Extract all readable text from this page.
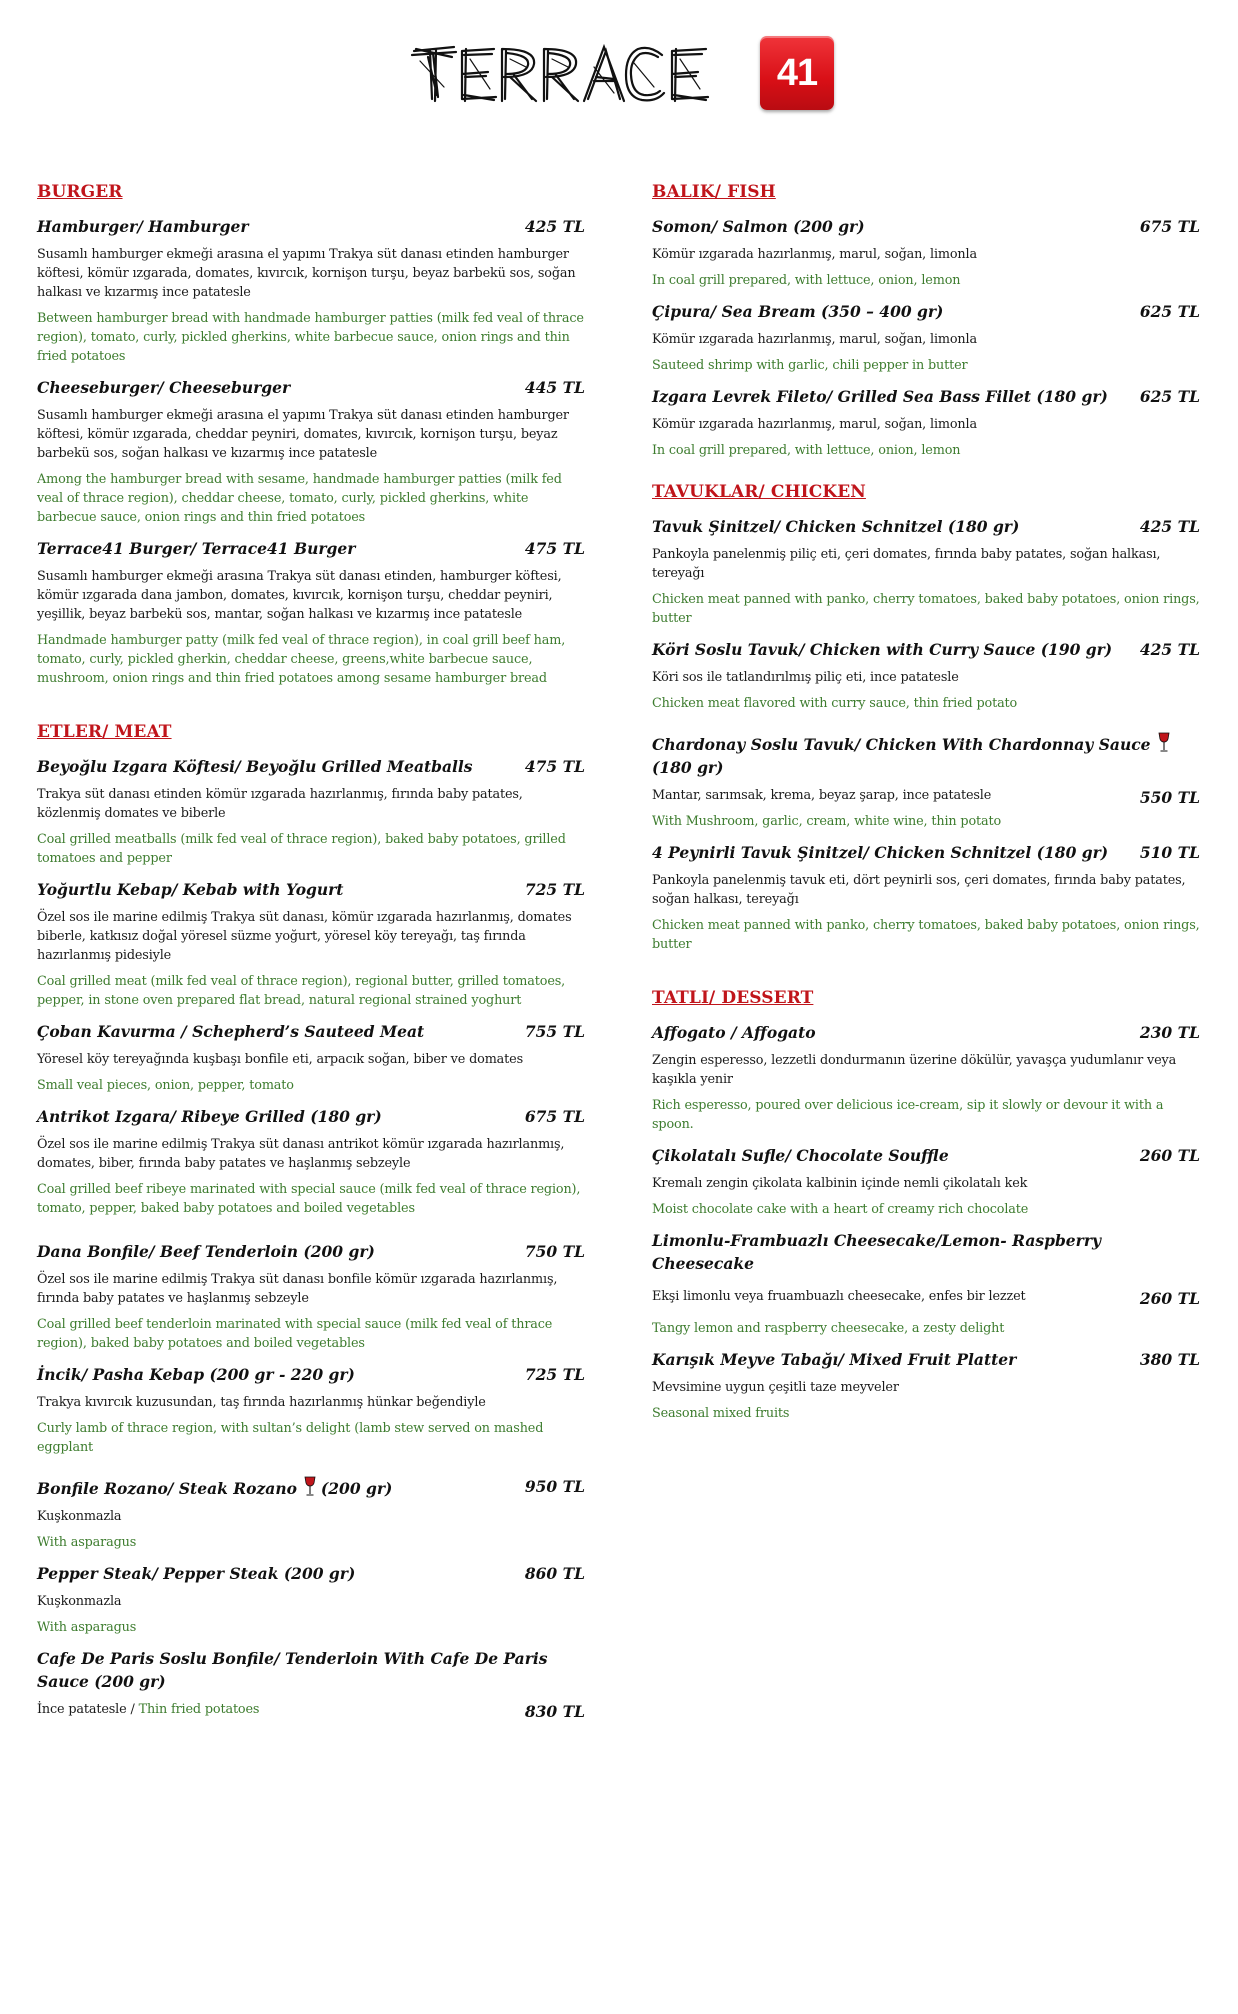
41
BURGER
Hamburger/ Hamburger	425 TL
Susamlı hamburger ekmeği arasına el yapımı Trakya süt danası etinden hamburger köftesi, kömür ızgarada, domates, kıvırcık, kornişon turşu, beyaz barbekü sos, soğan halkası ve kızarmış ince patatesle
Between hamburger bread with handmade hamburger patties (milk fed veal of thrace region), tomato, curly, pickled gherkins, white barbecue sauce, onion rings and thin fried potatoes
Cheeseburger/ Cheeseburger	445 TL
Susamlı hamburger ekmeği arasına el yapımı Trakya süt danası etinden hamburger köftesi, kömür ızgarada, cheddar peyniri, domates, kıvırcık, kornişon turşu, beyaz barbekü sos, soğan halkası ve kızarmış ince patatesle
Among the hamburger bread with sesame, handmade hamburger patties (milk fed veal of thrace region), cheddar cheese, tomato, curly, pickled gherkins, white barbecue sauce, onion rings and thin fried potatoes
Terrace41 Burger/ Terrace41 Burger	475 TL
Susamlı hamburger ekmeği arasına Trakya süt danası etinden, hamburger köftesi, kömür ızgarada dana jambon, domates, kıvırcık, kornişon turşu, cheddar peyniri, yeşillik, beyaz barbekü sos, mantar, soğan halkası ve kızarmış ince patatesle
Handmade hamburger patty (milk fed veal of thrace region), in coal grill beef ham, tomato, curly, pickled gherkin, cheddar cheese, greens,white barbecue sauce, mushroom, onion rings and thin fried potatoes among sesame hamburger bread
ETLER/ MEAT
Beyoğlu Izgara Köftesi/ Beyoğlu Grilled Meatballs	475 TL
Trakya süt danası etinden kömür ızgarada hazırlanmış, fırında baby patates, közlenmiş domates ve biberle
Coal grilled meatballs (milk fed veal of thrace region), baked baby potatoes, grilled tomatoes and pepper
Yoğurtlu Kebap/ Kebab with Yogurt	725 TL
Özel sos ile marine edilmiş Trakya süt danası, kömür ızgarada hazırlanmış, domates biberle, katkısız doğal yöresel süzme yoğurt, yöresel köy tereyağı, taş fırında hazırlanmış pidesiyle
Coal grilled meat (milk fed veal of thrace region), regional butter, grilled tomatoes, pepper, in stone oven prepared flat bread, natural regional strained yoghurt
Çoban Kavurma / Schepherd’s Sauteed Meat	755 TL
Yöresel köy tereyağında kuşbaşı bonfile eti, arpacık soğan, biber ve domates
Small veal pieces, onion, pepper, tomato
Antrikot Izgara/ Ribeye Grilled (180 gr)	675 TL
Özel sos ile marine edilmiş Trakya süt danası antrikot kömür ızgarada hazırlanmış, domates, biber, fırında baby patates ve haşlanmış sebzeyle
Coal grilled beef ribeye marinated with special sauce (milk fed veal of thrace region), tomato, pepper, baked baby potatoes and boiled vegetables
Dana Bonfile/ Beef Tenderloin (200 gr)	750 TL
Özel sos ile marine edilmiş Trakya süt danası bonfile kömür ızgarada hazırlanmış, fırında baby patates ve haşlanmış sebzeyle
Coal grilled beef tenderloin marinated with special sauce (milk fed veal of thrace region), baked baby potatoes and boiled vegetables
İncik/ Pasha Kebap (200 gr - 220 gr)	725 TL
Trakya kıvırcık kuzusundan, taş fırında hazırlanmış hünkar beğendiyle
Curly lamb of thrace region, with sultan’s delight (lamb stew served on mashed eggplant
Bonfile Rozano/ Steak Rozano (200 gr)	950 TL
Kuşkonmazla
With asparagus
Pepper Steak/ Pepper Steak (200 gr)	860 TL
Kuşkonmazla
With asparagus
Cafe De Paris Soslu Bonfile/ Tenderloin With Cafe De Paris Sauce (200 gr)
İnce patatesle / Thin fried potatoes	830 TL
BALIK/ FISH
Somon/ Salmon (200 gr)	675 TL
Kömür ızgarada hazırlanmış, marul, soğan, limonla
In coal grill prepared, with lettuce, onion, lemon
Çipura/ Sea Bream (350 – 400 gr)	625 TL
Kömür ızgarada hazırlanmış, marul, soğan, limonla
Sauteed shrimp with garlic, chili pepper in butter
Izgara Levrek Fileto/ Grilled Sea Bass Fillet (180 gr)	625 TL
Kömür ızgarada hazırlanmış, marul, soğan, limonla
In coal grill prepared, with lettuce, onion, lemon
TAVUKLAR/ CHICKEN
Tavuk Şinitzel/ Chicken Schnitzel (180 gr)	425 TL
Pankoyla panelenmiş piliç eti, çeri domates, fırında baby patates, soğan halkası, tereyağı
Chicken meat panned with panko, cherry tomatoes, baked baby potatoes, onion rings, butter
Köri Soslu Tavuk/ Chicken with Curry Sauce (190 gr)	425 TL
Köri sos ile tatlandırılmış piliç eti, ince patatesle
Chicken meat flavored with curry sauce, thin fried potato
Chardonay Soslu Tavuk/ Chicken With Chardonnay Sauce(180 gr)
Mantar, sarımsak, krema, beyaz şarap, ince patatesle	550 TL
With Mushroom, garlic, cream, white wine, thin potato
4 Peynirli Tavuk Şinitzel/ Chicken Schnitzel (180 gr)	510 TL
Pankoyla panelenmiş tavuk eti, dört peynirli sos, çeri domates, fırında baby patates, soğan halkası, tereyağı
Chicken meat panned with panko, cherry tomatoes, baked baby potatoes, onion rings, butter
TATLI/ DESSERT
Affogato / Affogato	230 TL
Zengin esperesso, lezzetli dondurmanın üzerine dökülür, yavaşça yudumlanır veya kaşıkla yenir
Rich esperesso, poured over delicious ice-cream, sip it slowly or devour it with a spoon.
Çikolatalı Sufle/ Chocolate Souffle	260 TL
Kremalı zengin çikolata kalbinin içinde nemli çikolatalı kek
Moist chocolate cake with a heart of creamy rich chocolate
Limonlu-Frambuazlı Cheesecake/Lemon- Raspberry Cheesecake
Ekşi limonlu veya fruambuazlı cheesecake, enfes bir lezzet	260 TL
Tangy lemon and raspberry cheesecake, a zesty delight
Karışık Meyve Tabağı/ Mixed Fruit Platter	380 TL
Mevsimine uygun çeşitli taze meyveler
Seasonal mixed fruits
